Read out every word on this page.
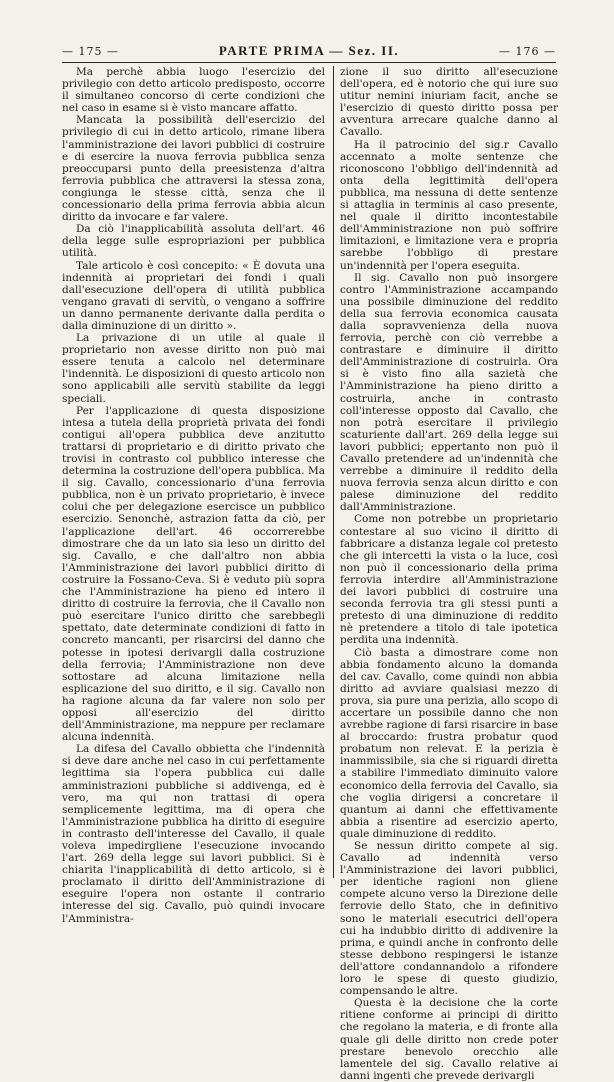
— 175 —	PARTE PRIMA — Sez. II.	— 176 —

Ma perchè abbia luogo l'esercizio del privilegio con detto articolo predisposto, occorre il simultaneo concorso di certe condizioni che nel caso in esame si è visto mancare affatto.

Mancata la possibilità dell'esercizio del privilegio di cui in detto articolo, rimane libera l'amministrazione dei lavori pubblici di costruire e di esercire la nuova ferrovia pubblica senza preoccuparsi punto della preesistenza d'altra ferrovia pubblica che attraversi la stessa zona, congiunga le stesse città, senza che il concessionario della prima ferrovia abbia alcun diritto da invocare e far valere.

Da ciò l'inapplicabilità assoluta dell'art. 46 della legge sulle espropriazioni per pubblica utilità.

Tale articolo è così concepito: « È dovuta una indennità ai proprietari dei fondi i quali dall'esecuzione dell'opera di utilità pubblica vengano gravati di servitù, o vengano a soffrire un danno permanente derivante dalla perdita o dalla diminuzione di un diritto ».

La privazione di un utile al quale il proprietario non avesse diritto non può mai essere tenuta a calcolo nel determinare l'indennità. Le disposizioni di questo articolo non sono applicabili alle servitù stabilite da leggi speciali.

Per l'applicazione di questa disposizione intesa a tutela della proprietà privata dei fondi contigui all'opera pubblica deve anzitutto trattarsi di proprietario e di diritto privato che trovisi in contrasto col pubblico interesse che determina la costruzione dell'opera pubblica. Ma il sig. Cavallo, concessionario d'una ferrovia pubblica, non è un privato proprietario, è invece colui che per delegazione esercisce un pubblico esercizio. Senonchè, astrazion fatta da ciò, per l'applicazione dell'art. 46 occorrerebbe dimostrare che da un lato sia leso un diritto del sig. Cavallo, e che dall'altro non abbia l'Amministrazione dei lavori pubblici diritto di costruire la Fossano-Ceva. Si è veduto più sopra che l'Amministrazione ha pieno ed intero il diritto di costruire la ferrovia, che il Cavallo non può esercitare l'unico diritto che sarebbegli spettato, date determinate condizioni di fatto in concreto mancanti, per risarcirsi del danno che potesse in ipotesi derivargli dalla costruzione della ferrovia; l'Amministrazione non deve sottostare ad alcuna limitazione nella esplicazione del suo diritto, e il sig. Cavallo non ha ragione alcuna da far valere non solo per opposi all'esercizio del diritto dell'Amministrazione, ma neppure per reclamare alcuna indennità.

La difesa del Cavallo obbietta che l'indennità si deve dare anche nel caso in cui perfettamente legittima sia l'opera pubblica cui dalle amministrazioni pubbliche si addivenga, ed è vero, ma qui non trattasi di opera semplicemente legittima, ma di opera che l'Amministrazione pubblica ha diritto di eseguire in contrasto dell'interesse del Cavallo, il quale voleva impedirgliene l'esecuzione invocando l'art. 269 della legge sui lavori pubblici. Si è chiarita l'inapplicabilità di detto articolo, si è proclamato il diritto dell'Amministrazione di eseguire l'opera non ostante il contrario interesse del sig. Cavallo, può quindi invocare l'Amministra-

zione il suo diritto all'esecuzione dell'opera, ed è notorio che qui iure suo utitur nemini iniuriam facit, anche se l'esercizio di questo diritto possa per avventura arrecare qualche danno al Cavallo.

Ha il patrocinio del sig.r Cavallo accennato a molte sentenze che riconoscono l'obbligo dell'indennità ad onta della legittimità dell'opera pubblica, ma nessuna di dette sentenze si attaglia in terminis al caso presente, nel quale il diritto incontestabile dell'Amministrazione non può soffrire limitazioni, e limitazione vera e propria sarebbe l'obbligo di prestare un'indennità per l'opera eseguita.

Il sig. Cavallo non può insorgere contro l'Amministrazione accampando una possibile diminuzione del reddito della sua ferrovia economica causata dalla sopravvenienza della nuova ferrovia, perchè con ciò verrebbe a contrastare e diminuire il diritto dell'Amministrazione di costruirla. Ora si è visto fino alla sazietà che l'Amministrazione ha pieno diritto a costruirla, anche in contrasto coll'interesse opposto dal Cavallo, che non potrà esercitare il privilegio scaturiente dall'art. 269 della legge sui lavori pubblici; eppertanto non può il Cavallo pretendere ad un'indennità che verrebbe a diminuire il reddito della nuova ferrovia senza alcun diritto e con palese diminuzione del reddito dall'Amministrazione.

Come non potrebbe un proprietario contestare al suo vicino il diritto di fabbricare a distanza legale col pretesto che gli intercetti la vista o la luce, così non può il concessionario della prima ferrovia interdire all'Amministrazione dei lavori pubblici di costruire una seconda ferrovia tra gli stessi punti a pretesto di una diminuzione di reddito nè pretendere a titolo di tale ipotetica perdita una indennità.

Ciò basta a dimostrare come non abbia fondamento alcuno la domanda del cav. Cavallo, come quindi non abbia diritto ad avviare qualsiasi mezzo di prova, sia pure una perizia, allo scopo di accertare un possibile danno che non avrebbe ragione di farsi risarcire in base al broccardo: frustra probatur quod probatum non relevat. E la perizia è inammissibile, sia che si riguardi diretta a stabilire l'immediato diminuito valore economico della ferrovia del Cavallo, sia che voglia dirigersi a concretare il quantum ai danni che effettivamente abbia a risentire ad esercizio aperto, quale diminuzione di reddito.

Se nessun diritto compete al sig. Cavallo ad indennità verso l'Amministrazione dei lavori pubblici, per identiche ragioni non gliene compete alcuno verso la Direzione delle ferrovie dello Stato, che in definitivo sono le materiali esecutrici dell'opera cui ha indubbio diritto di addivenire la prima, e quindi anche in confronto delle stesse debbono respingersi le istanze dell'attore condannandolo a rifondere loro le spese di questo giudizio, compensando le altre.

Questa è la decisione che la corte ritiene conforme ai principi di diritto che regolano la materia, e di fronte alla quale gli delle diritto non crede poter prestare benevolo orecchio alle lamentele del sig. Cavallo relative ai danni ingenti che prevede derivargli
